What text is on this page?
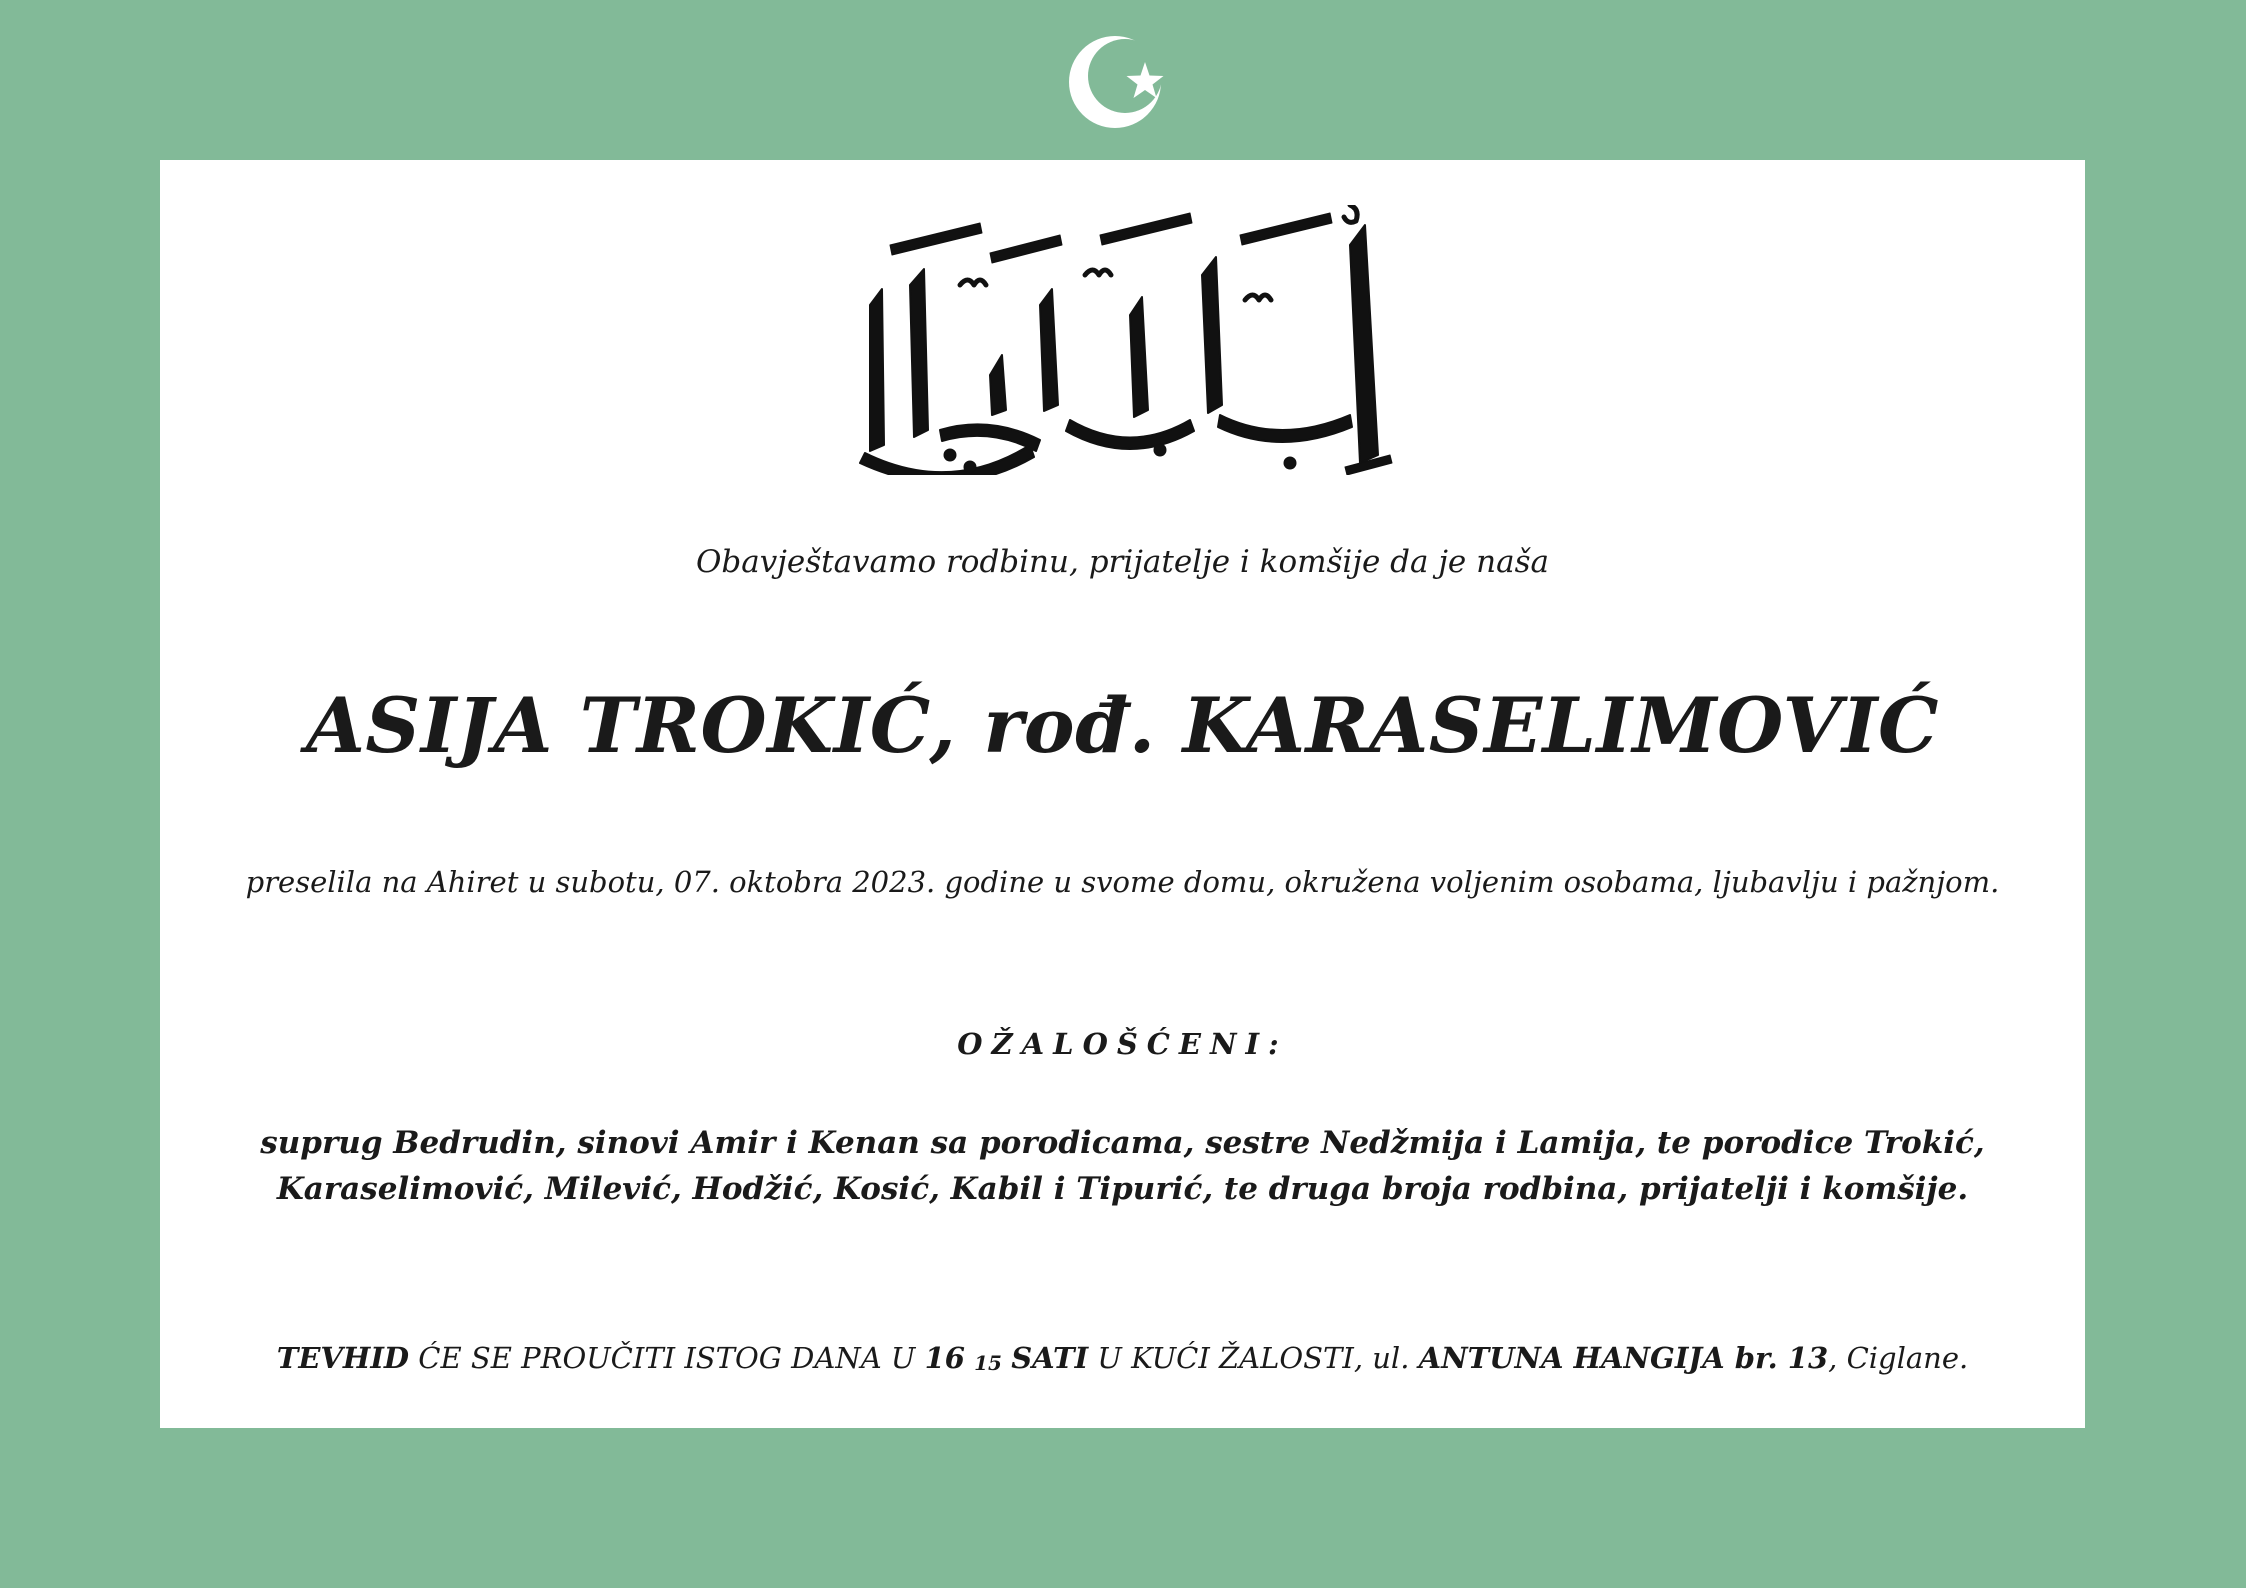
Obavještavamo rodbinu, prijatelje i komšije da je naša
ASIJA TROKIĆ, rođ. KARASELIMOVIĆ
preselila na Ahiret u subotu, 07. oktobra 2023. godine u svome domu, okružena voljenim osobama, ljubavlju i pažnjom.
OŽALOŠĆENI:
suprug Bedrudin, sinovi Amir i Kenan sa porodicama, sestre Nedžmija i Lamija, te porodice Trokić,
Karaselimović, Milević, Hodžić, Kosić, Kabil i Tipurić, te druga broja rodbina, prijatelji i komšije.
TEVHID ĆE SE PROUČITI ISTOG DANA U 16 15 SATI U KUĆI ŽALOSTI, ul. ANTUNA HANGIJA br. 13, Ciglane.
